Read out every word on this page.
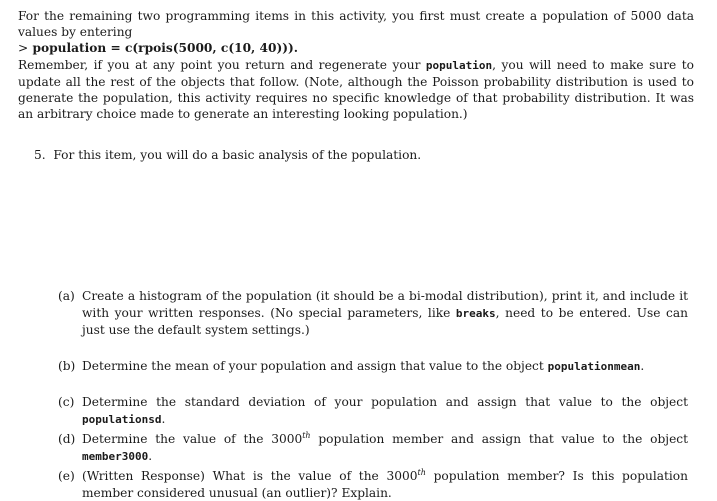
For the remaining two programming items in this activity, you first must create a population of 5000 data values by entering
> population = c(rpois(5000, c(10, 40))).
Remember, if you at any point you return and regenerate your population, you will need to make sure to update all the rest of the objects that follow. (Note, although the Poisson probability distribution is used to generate the population, this activity requires no specific knowledge of that probability distribution. It was an arbitrary choice made to generate an interesting looking population.)

5. For this item, you will do a basic analysis of the population.

(a) Create a histogram of the population (it should be a bi-modal distribution), print it, and include it with your written responses. (No special parameters, like breaks, need to be entered. Use can just use the default system settings.)
(b) Determine the mean of your population and assign that value to the object populationmean.
(c) Determine the standard deviation of your population and assign that value to the object populationsd.
(d) Determine the value of the 3000th population member and assign that value to the object member3000.
(e) (Written Response) What is the value of the 3000th population member? Is this population member considered unusual (an outlier)? Explain.
